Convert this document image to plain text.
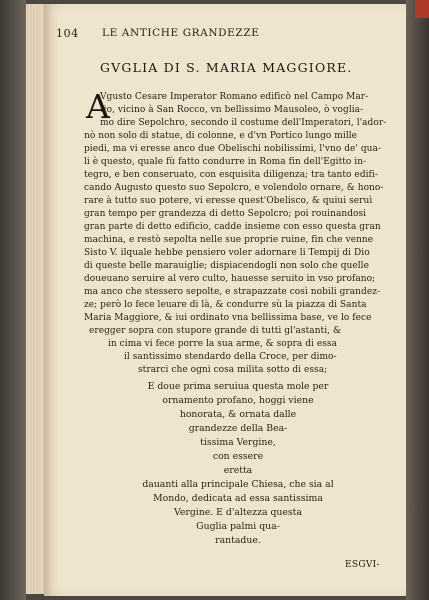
104 LE ANTICHE GRANDEZZE
GVGLIA DI S. MARIA MAGGIORE.
A
Vgusto Cesare Imperator Romano edificò nel Campo Mar-
tio, vicino à San Rocco, vn bellissimo Mausoleo, ò voglia-
mo dire Sepolchro, secondo il costume dell'Imperatori, l'ador-
nò non solo di statue, di colonne, e d'vn Portico lungo mille
piedi, ma vi eresse anco due Obelischi nobilissimi, l'vno de' qua-
li è questo, quale fù fatto condurre in Roma fin dell'Egitto in-
tegro, e ben conseruato, con esquisita diligenza; tra tanto edifi-
cando Augusto questo suo Sepolcro, e volendolo ornare, & hono-
rare à tutto suo potere, vi eresse quest'Obelisco, & quiui seruì
gran tempo per grandezza di detto Sepolcro; poi rouinandosi
gran parte di detto edificio, cadde insieme con esso questa gran
machina, e restò sepolta nelle sue proprie ruine, fin che venne
Sisto V. ilquale hebbe pensiero voler adornare li Tempij di Dio
di queste belle marauiglie; dispiacendogli non solo che quelle
doueuano seruire al vero culto, hauesse seruito in vso profano;
ma anco che stessero sepolte, e strapazzate così nobili grandez-
ze; però lo fece leuare di là, & condurre sù la piazza di Santa
Maria Maggiore, & iui ordinato vna bellissima base, ve lo fece
eregger sopra con stupore grande di tutti gl'astanti, &
in cima vi fece porre la sua arme, & sopra di essa
il santissimo stendardo della Croce, per dimo-
strarci che ogni cosa milita sotto di essa;
E doue prima seruiua questa mole per
ornamento profano, hoggi viene
honorata, & ornata dalle
grandezze della Bea-
tissima Vergine,
con essere
eretta
dauanti alla principale Chiesa, che sia al
Mondo, dedicata ad essa santissima
Vergine. E d'altezza questa
Guglia palmi qua-
rantadue.
ESGVI-
